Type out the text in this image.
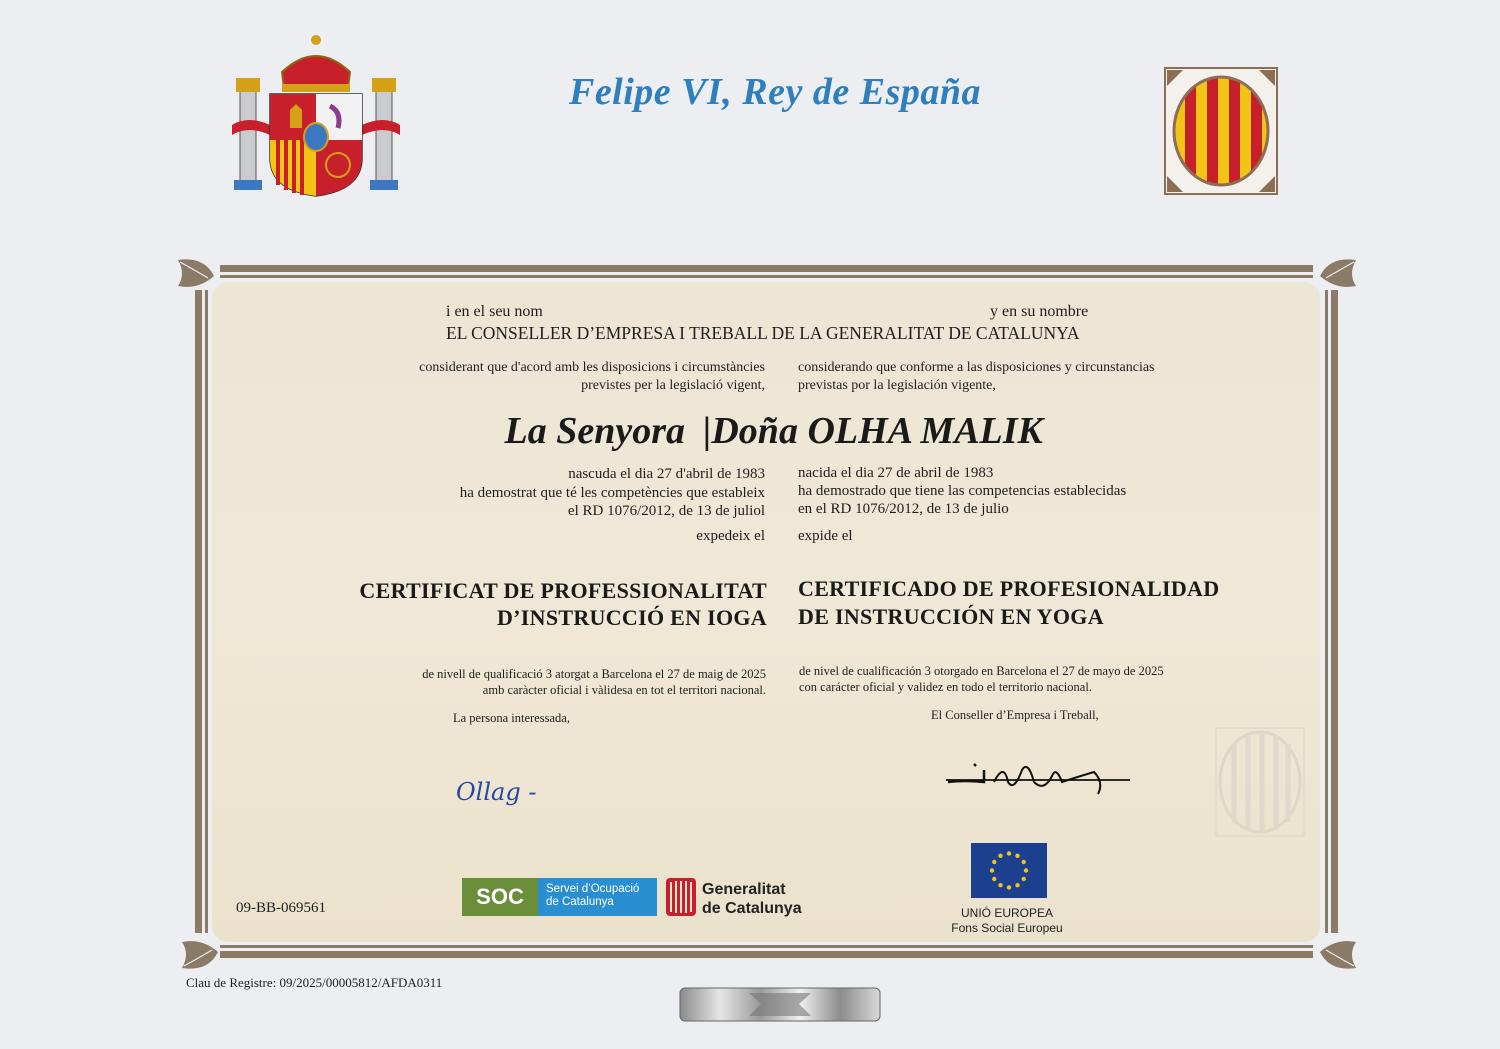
Felipe VI, Rey de España
i en el seu nom	y en su nombre
EL CONSELLER D’EMPRESA I TREBALL DE LA GENERALITAT DE CATALUNYA
considerant que d'acord amb les disposicions i circumstàncies
previstes per la legislació vigent,
considerando que conforme a las disposiciones y circunstancias
previstas por la legislación vigente,
La Senyora |Doña OLHA MALIK
nascuda el dia 27 d'abril de 1983
ha demostrat que té les competències que estableix
el RD 1076/2012, de 13 de juliol
expedeix el
nacida el dia 27 de abril de 1983
ha demostrado que tiene las competencias establecidas
en el RD 1076/2012, de 13 de julio
expide el
CERTIFICAT DE PROFESSIONALITAT
D’INSTRUCCIÓ EN IOGA
CERTIFICADO DE PROFESIONALIDAD
DE INSTRUCCIÓN EN YOGA
de nivell de qualificació 3 atorgat a Barcelona el 27 de maig de 2025
amb caràcter oficial i vàlidesa en tot el territori nacional.
de nivel de cualificación 3 otorgado en Barcelona el 27 de mayo de 2025
con carácter oficial y validez en todo el territorio nacional.
La persona interessada,
Ollag -
El Conseller d’Empresa i Treball,
09-BB-069561	SOC	Servei d’Ocupació
de Catalunya
Generalitat
de Catalunya	UNIÓ EUROPEA
Fons Social Europeu
Clau de Registre: 09/2025/00005812/AFDA0311
